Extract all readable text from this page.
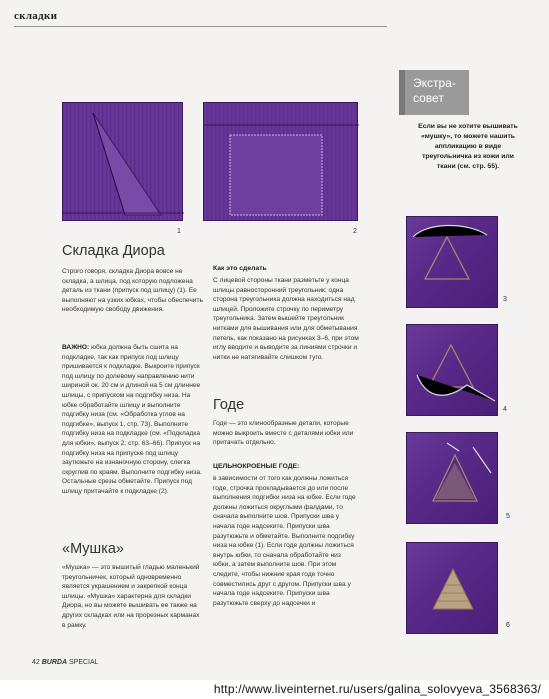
складки
1	2
Экстра-
совет
Если вы не хотите вышивать «мушку», то можете нашить аппликацию в виде треугольничка из кожи или ткани (см. стр. 55).
3
4
5
6
Складка Диора
Строго говоря, складка Диора вовсе не складка, а шлица, под которую подложена деталь из ткани (припуск под шлицу) (1). Ее выполняют на узких юбках, чтобы обеспечить необходимую свободу движения.
ВАЖНО: юбка должна быть сшита на подкладке, так как припуск под шлицу пришивается к подкладке. Выкроите припуск под шлицу по долевому направлению нити шириной ок. 20 см и длиной на 5 см длиннее шлицы, с припуском на подгибку низа. На юбке обработайте шлицу и выполните подгибку низа (см. «Обработка углов на подгибке», выпуск 1, стр. 73). Выполните подгибку низа на подкладке (см. «Подкладка для юбки», выпуск 2, стр. 63–66). Припуск на подгибку низа на припуске под шлицу заутюжьте на изнаночную сторону, слегка скруглив по краям. Выполните подгибку низа. Остальные срезы обметайте. Припуск под шлицу притачайте к подкладке (2).
«Мушка»
«Мушка» — это вышитый гладью маленький треугольничек, который одновременно является украшением и закрепкой конца шлицы. «Мушка» характерна для складки Диора, но вы можете вышивать ее также на других складках или на прорезных карманах в рамку.
Как это сделать
С лицевой стороны ткани разметьте у конца шлицы равносторонний треугольник: одна сторона треугольника должна находиться над шлицей. Проложите строчку по периметру треугольника. Затем вышейте треугольник нитками для вышивания или для обметывания петель, как показано на рисунках 3–6, при этом иглу вводите и выводите за линиями строчки и нитки не натягивайте слишком туго.
Годе
Годе — это клинообразные детали, которые можно выкроить вместе с деталями юбки или притачать отдельно.
ЦЕЛЬНОКРОЕНЫЕ ГОДЕ:
в зависимости от того как должны ложиться годе, строчка прокладывается до или после выполнения подгибки низа на юбке. Если годе должны ложиться округлыми фалдами, то сначала выполните шов. Припуски шва у начала годе надсеките. Припуски шва разутюжьте и обметайте. Выполните подгибку низа на юбке (1). Если годе должны ложиться внутрь юбки, то сначала обработайте низ юбки, а затем выполните шов. При этом следите, чтобы нижние края годе точно совместились друг с другом. Припуски шва у начала годе надсеките. Припуски шва разутюжьте сверху до надсечки и
42 BURDA SPECIAL
http://www.liveinternet.ru/users/galina_solovyeva_3568363/
